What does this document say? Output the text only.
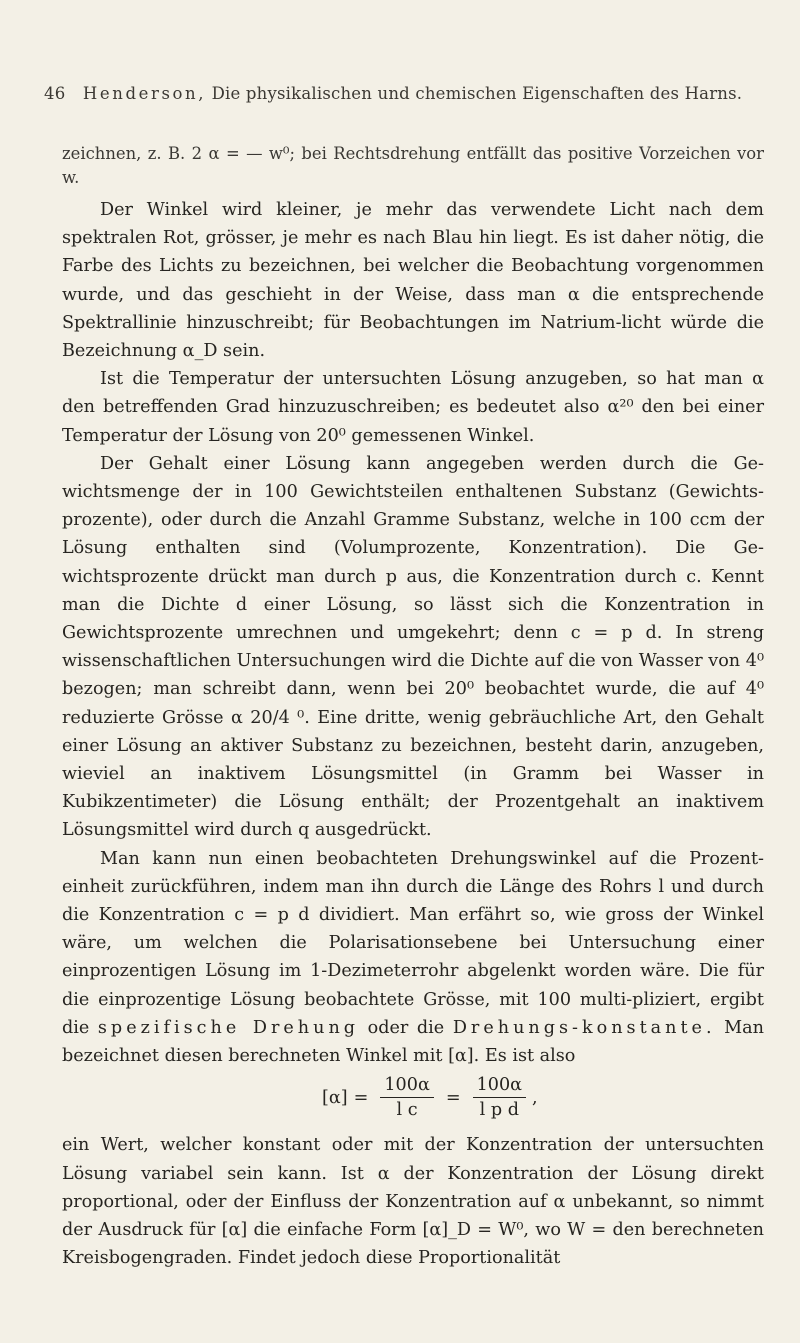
46 Henderson, Die physikalischen und chemischen Eigenschaften des Harns.

zeichnen, z. B. 2 α = — w⁰; bei Rechtsdrehung entfällt das positive Vorzeichen vor w.

Der Winkel wird kleiner, je mehr das verwendete Licht nach dem spektralen Rot, grösser, je mehr es nach Blau hin liegt. Es ist daher nötig, die Farbe des Lichts zu bezeichnen, bei welcher die Beobachtung vorgenommen wurde, und das geschieht in der Weise, dass man α die entsprechende Spektrallinie hinzuschreibt; für Beobachtungen im Natrium-licht würde die Bezeichnung α_D sein.

Ist die Temperatur der untersuchten Lösung anzugeben, so hat man α den betreffenden Grad hinzuzuschreiben; es bedeutet also α²⁰ den bei einer Temperatur der Lösung von 20⁰ gemessenen Winkel.

Der Gehalt einer Lösung kann angegeben werden durch die Ge-wichtsmenge der in 100 Gewichtsteilen enthaltenen Substanz (Gewichts-prozente), oder durch die Anzahl Gramme Substanz, welche in 100 ccm der Lösung enthalten sind (Volumprozente, Konzentration). Die Ge-wichtsprozente drückt man durch p aus, die Konzentration durch c. Kennt man die Dichte d einer Lösung, so lässt sich die Konzentration in Gewichtsprozente umrechnen und umgekehrt; denn c = p d. In streng wissenschaftlichen Untersuchungen wird die Dichte auf die von Wasser von 4⁰ bezogen; man schreibt dann, wenn bei 20⁰ beobachtet wurde, die auf 4⁰ reduzierte Grösse α 20/4 ⁰. Eine dritte, wenig gebräuchliche Art, den Gehalt einer Lösung an aktiver Substanz zu bezeichnen, besteht darin, anzugeben, wieviel an inaktivem Lösungsmittel (in Gramm bei Wasser in Kubikzentimeter) die Lösung enthält; der Prozentgehalt an inaktivem Lösungsmittel wird durch q ausgedrückt.

Man kann nun einen beobachteten Drehungswinkel auf die Prozent-einheit zurückführen, indem man ihn durch die Länge des Rohrs l und durch die Konzentration c = p d dividiert. Man erfährt so, wie gross der Winkel wäre, um welchen die Polarisationsebene bei Untersuchung einer einprozentigen Lösung im 1-Dezimeterrohr abgelenkt worden wäre. Die für die einprozentige Lösung beobachtete Grösse, mit 100 multi-pliziert, ergibt die spezifische Drehung oder die Drehungs-konstante. Man bezeichnet diesen berechneten Winkel mit [α]. Es ist also

$[\alpha] = \frac{100\alpha}{\text{l c}} = \frac{100\alpha}{\text{l p d}}$ ,

ein Wert, welcher konstant oder mit der Konzentration der untersuchten Lösung variabel sein kann. Ist α der Konzentration der Lösung direkt proportional, oder der Einfluss der Konzentration auf α unbekannt, so nimmt der Ausdruck für [α] die einfache Form [α]_D = W⁰, wo W = den berechneten Kreisbogengraden. Findet jedoch diese Proportionalität
